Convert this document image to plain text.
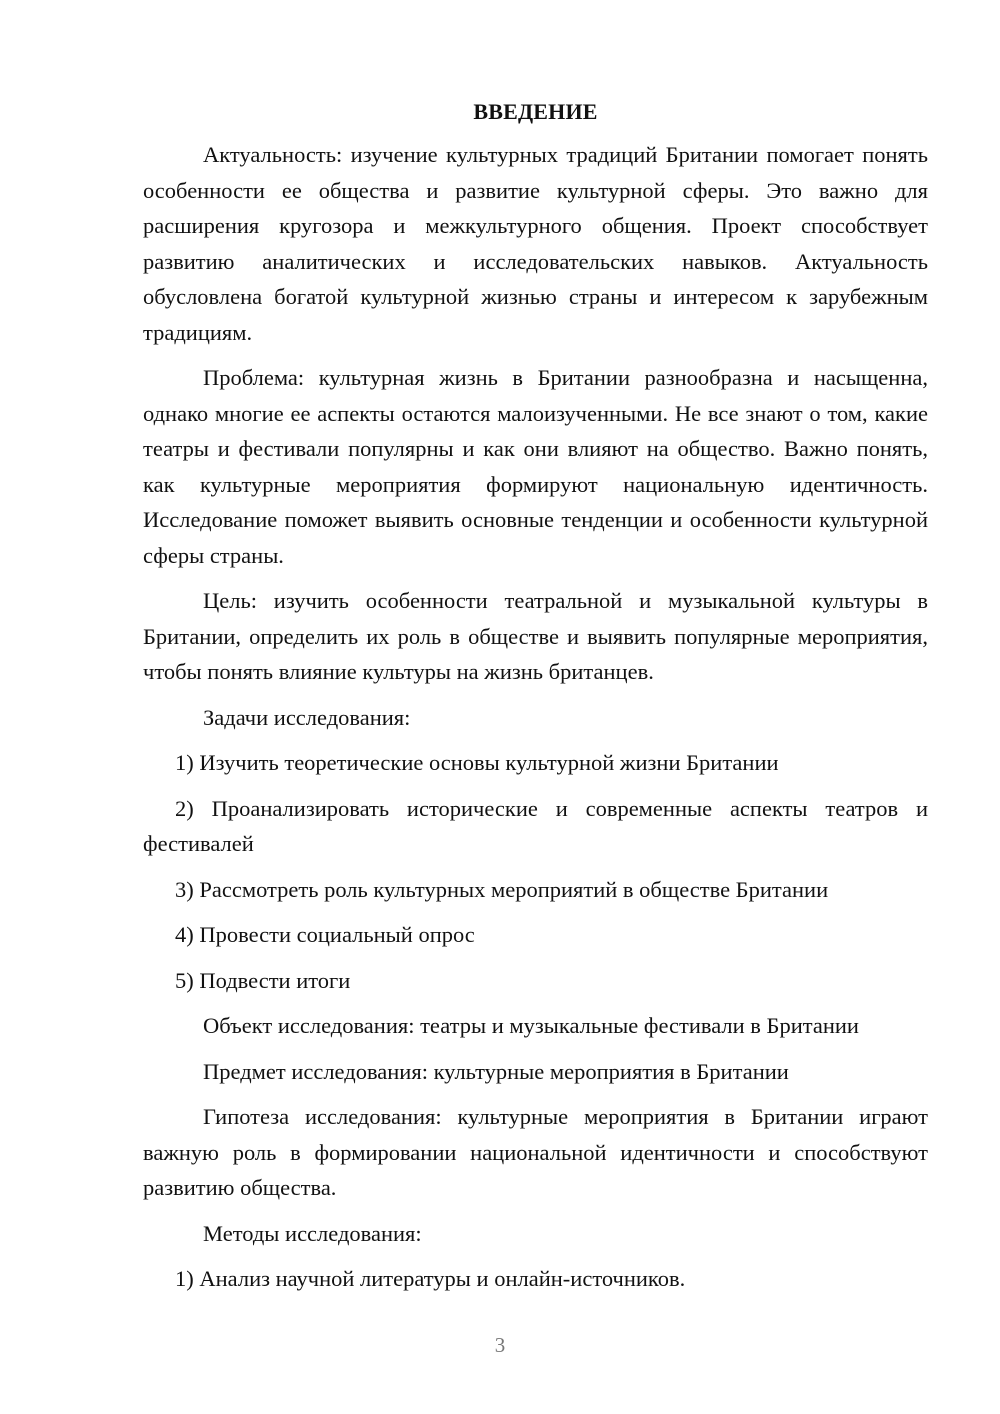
ВВЕДЕНИЕ

Актуальность: изучение культурных традиций Британии помогает понять особенности ее общества и развитие культурной сферы. Это важно для расширения кругозора и межкультурного общения. Проект способствует развитию аналитических и исследовательских навыков. Актуальность обусловлена богатой культурной жизнью страны и интересом к зарубежным традициям.

Проблема: культурная жизнь в Британии разнообразна и насыщенна, однако многие ее аспекты остаются малоизученными. Не все знают о том, какие театры и фестивали популярны и как они влияют на общество. Важно понять, как культурные мероприятия формируют национальную идентичность. Исследование поможет выявить основные тенденции и особенности культурной сферы страны.

Цель: изучить особенности театральной и музыкальной культуры в Британии, определить их роль в обществе и выявить популярные мероприятия, чтобы понять влияние культуры на жизнь британцев.

Задачи исследования:

1) Изучить теоретические основы культурной жизни Британии

2) Проанализировать исторические и современные аспекты театров и фестивалей

3) Рассмотреть роль культурных мероприятий в обществе Британии

4) Провести социальный опрос

5) Подвести итоги

Объект исследования: театры и музыкальные фестивали в Британии

Предмет исследования: культурные мероприятия в Британии

Гипотеза исследования: культурные мероприятия в Британии играют важную роль в формировании национальной идентичности и способствуют развитию общества.

Методы исследования:

1) Анализ научной литературы и онлайн-источников.

3
